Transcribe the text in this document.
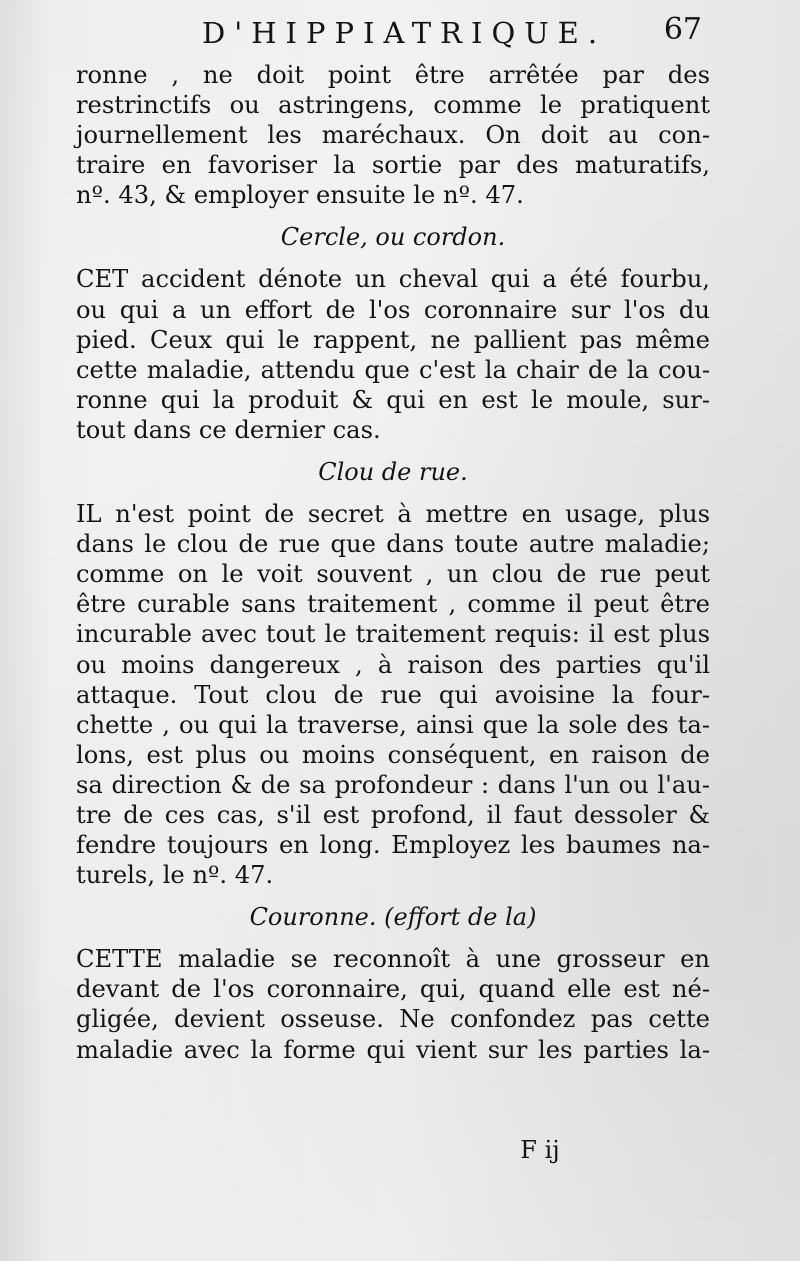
D'HIPPIATRIQUE. 67
ronne , ne doit point être arrêtée par des
restrinctifs ou astringens, comme le pratiquent
journellement les maréchaux. On doit au con-
traire en favoriser la sortie par des maturatifs,
nº. 43, & employer ensuite le nº. 47.
Cercle, ou cordon.
CET accident dénote un cheval qui a été fourbu,
ou qui a un effort de l'os coronnaire sur l'os du
pied. Ceux qui le rappent, ne pallient pas même
cette maladie, attendu que c'est la chair de la cou-
ronne qui la produit & qui en est le moule, sur-
tout dans ce dernier cas.
Clou de rue.
IL n'est point de secret à mettre en usage, plus
dans le clou de rue que dans toute autre maladie;
comme on le voit souvent , un clou de rue peut
être curable sans traitement , comme il peut être
incurable avec tout le traitement requis: il est plus
ou moins dangereux , à raison des parties qu'il
attaque. Tout clou de rue qui avoisine la four-
chette , ou qui la traverse, ainsi que la sole des ta-
lons, est plus ou moins conséquent, en raison de
sa direction & de sa profondeur : dans l'un ou l'au-
tre de ces cas, s'il est profond, il faut dessoler &
fendre toujours en long. Employez les baumes na-
turels, le nº. 47.
Couronne. (effort de la)
CETTE maladie se reconnoît à une grosseur en
devant de l'os coronnaire, qui, quand elle est né-
gligée, devient osseuse. Ne confondez pas cette
maladie avec la forme qui vient sur les parties la-
F ij
